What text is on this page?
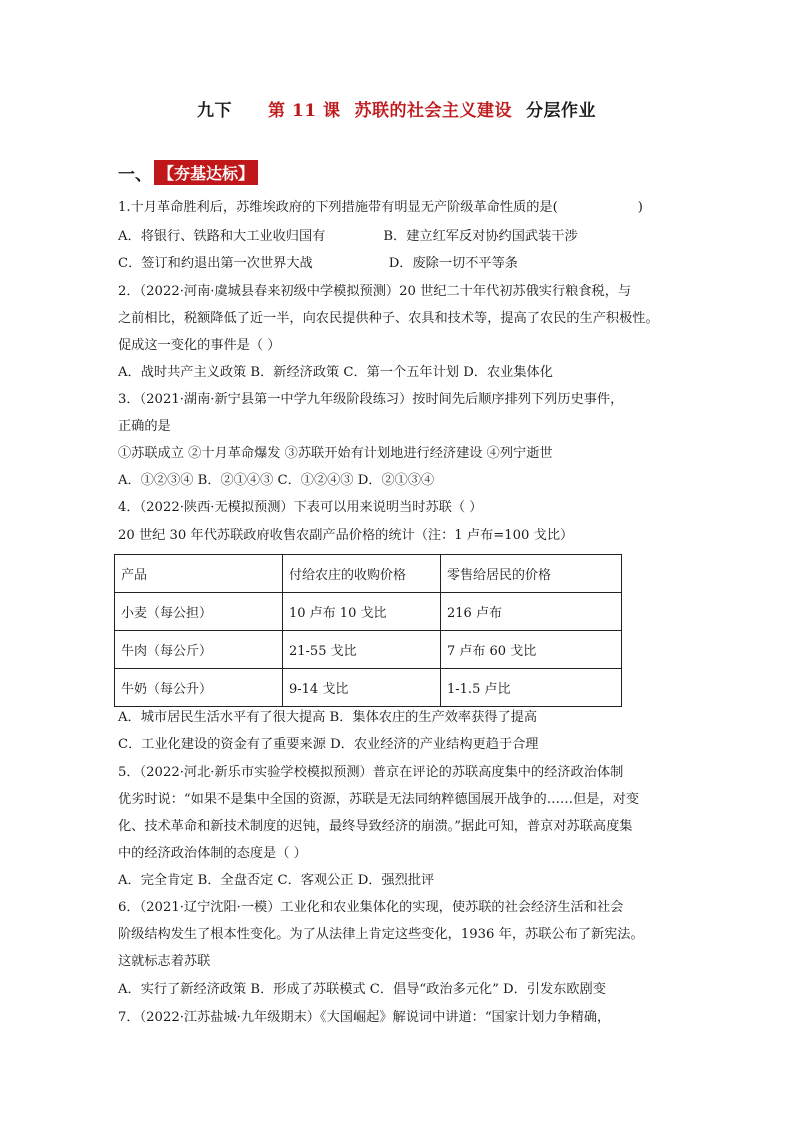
九下 第 11 课 苏联的社会主义建设 分层作业
一、 【夯基达标】
1.十月革命胜利后，苏维埃政府的下列措施带有明显无产阶级革命性质的是(	)
A．将银行、铁路和大工业收归国有	B．建立红军反对协约国武装干涉
C．签订和约退出第一次世界大战	D．废除一切不平等条
2．（2022·河南·虞城县春来初级中学模拟预测）20 世纪二十年代初苏俄实行粮食税，与
之前相比，税额降低了近一半，向农民提供种子、农具和技术等，提高了农民的生产积极性。
促成这一变化的事件是（ ）
A．战时共产主义政策 B．新经济政策 C．第一个五年计划 D．农业集体化
3．（2021·湖南·新宁县第一中学九年级阶段练习）按时间先后顺序排列下列历史事件，
正确的是
①苏联成立 ②十月革命爆发 ③苏联开始有计划地进行经济建设 ④列宁逝世
A．①②③④ B．②①④③ C．①②④③ D．②①③④
4．（2022·陕西·无模拟预测）下表可以用来说明当时苏联（ ）
20 世纪 30 年代苏联政府收售农副产品价格的统计（注：1 卢布=100 戈比）
产品	付给农庄的收购价格	零售给居民的价格
小麦（每公担）	10 卢布 10 戈比	216 卢布
牛肉（每公斤）	21-55 戈比	7 卢布 60 戈比
牛奶（每公升）	9-14 戈比	1-1.5 卢比
A．城市居民生活水平有了很大提高 B．集体农庄的生产效率获得了提高
C．工业化建设的资金有了重要来源 D．农业经济的产业结构更趋于合理
5．（2022·河北·新乐市实验学校模拟预测）普京在评论的苏联高度集中的经济政治体制
优劣时说：“如果不是集中全国的资源，苏联是无法同纳粹德国展开战争的……但是，对变
化、技术革命和新技术制度的迟钝，最终导致经济的崩溃。”据此可知，普京对苏联高度集
中的经济政治体制的态度是（ ）
A．完全肯定 B．全盘否定 C．客观公正 D．强烈批评
6．（2021·辽宁沈阳·一模）工业化和农业集体化的实现，使苏联的社会经济生活和社会
阶级结构发生了根本性变化。为了从法律上肯定这些变化，1936 年，苏联公布了新宪法。
这就标志着苏联
A．实行了新经济政策 B．形成了苏联模式 C．倡导“政治多元化” D．引发东欧剧变
7．（2022·江苏盐城·九年级期末）《大国崛起》解说词中讲道：“国家计划力争精确，
